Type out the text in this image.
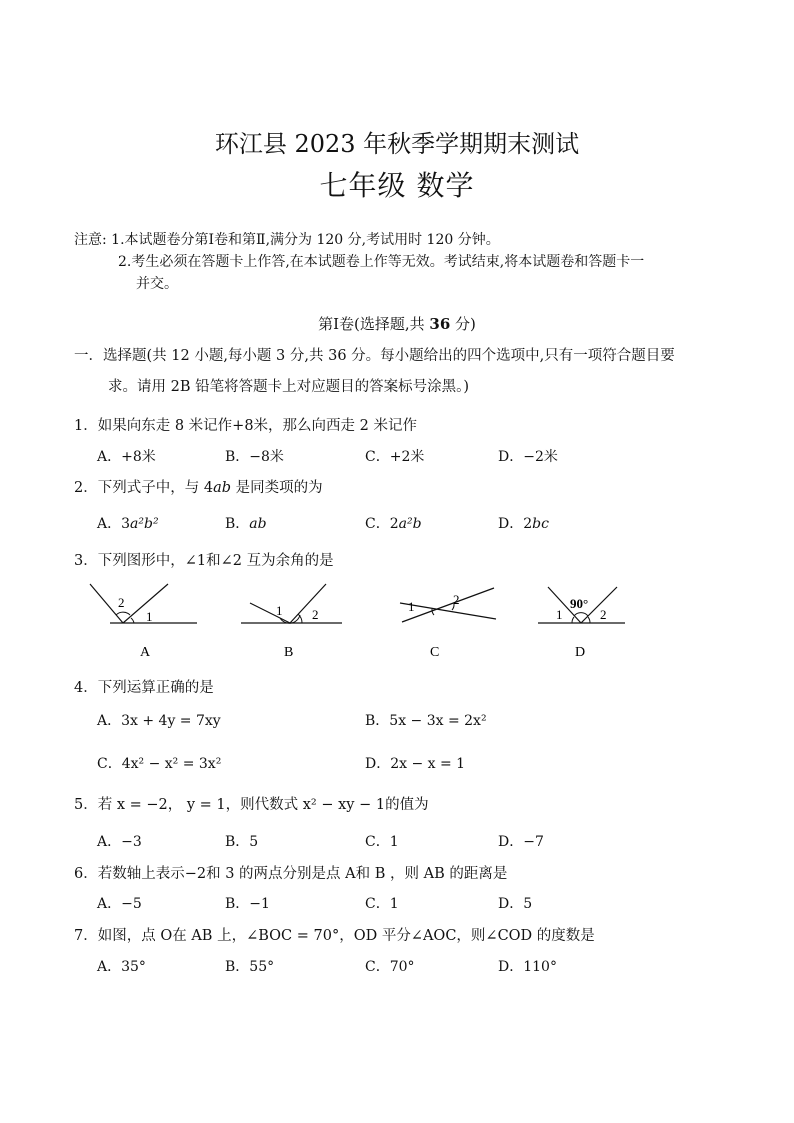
环江县 2023 年秋季学期期末测试
七年级 数学
注意: 1.本试题卷分第Ⅰ卷和第Ⅱ,满分为 120 分,考试用时 120 分钟。
2.考生必须在答题卡上作答,在本试题卷上作等无效。考试结束,将本试题卷和答题卡一
并交。
第Ⅰ卷(选择题,共 36 分)
一．选择题(共 12 小题,每小题 3 分,共 36 分。每小题给出的四个选项中,只有一项符合题目要
求。请用 2B 铅笔将答题卡上对应题目的答案标号涂黑。)
1．如果向东走 8 米记作+8米，那么向西走 2 米记作
A．+8米	B．−8米	C．+2米	D．−2米
2．下列式子中，与 4ab 是同类项的为
A．3a²b²	B．ab	C．2a²b	D．2bc
3．下列图形中，∠1和∠2 互为余角的是
2
1
A
1 2
B
1	2
C
90°
1	2
D
4．下列运算正确的是
A．3x + 4y = 7xy	B．5x − 3x = 2x²
C．4x² − x² = 3x²	D．2x − x = 1
5．若 x = −2， y = 1，则代数式 x² − xy − 1的值为
A．−3	B．5	C．1	D．−7
6．若数轴上表示−2和 3 的两点分别是点 A和 B ，则 AB 的距离是
A．−5	B．−1	C．1	D．5
7．如图，点 O在 AB 上，∠BOC = 70°，OD 平分∠AOC，则∠COD 的度数是
A．35°	B．55°	C．70°	D．110°
